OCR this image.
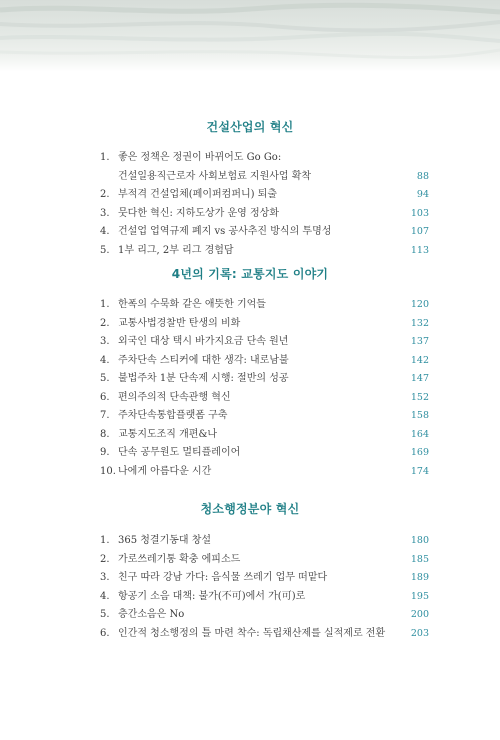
건설산업의 혁신
1. 좋은 정책은 정권이 바뀌어도 Go Go:
건설일용직근로자 사회보험료 지원사업 확착	88
2. 부적격 건설업체(페이퍼컴퍼니) 퇴출	94
3. 뭇다한 혁신: 지하도상가 운영 정상화	103
4. 건설업 업역규제 폐지 vs 공사추진 방식의 투명성	107
5. 1부 리그, 2부 리그 경험담	113
4년의 기록: 교통지도 이야기
1. 한폭의 수묵화 같은 애뜻한 기억들	120
2. 교통사법경찰반 탄생의 비화	132
3. 외국인 대상 택시 바가지요금 단속 원년	137
4. 주차단속 스티커에 대한 생각: 내로남불	142
5. 불법주차 1분 단속제 시행: 절반의 성공	147
6. 편의주의적 단속관행 혁신	152
7. 주차단속통합플랫폼 구축	158
8. 교통지도조직 개편&나	164
9. 단속 공무원도 멀티플레이어	169
10. 나에게 아름다운 시간	174
청소행정분야 혁신
1. 365 청결기동대 창설	180
2. 가로쓰레기통 확충 에피소드	185
3. 친구 따라 강남 가다: 음식물 쓰레기 업무 떠맡다	189
4. 항공기 소음 대책: 불가(不可)에서 가(可)로	195
5. 층간소음은 No	200
6. 인간적 청소행정의 틀 마련 착수: 독립채산제를 실적제로 전환	203
